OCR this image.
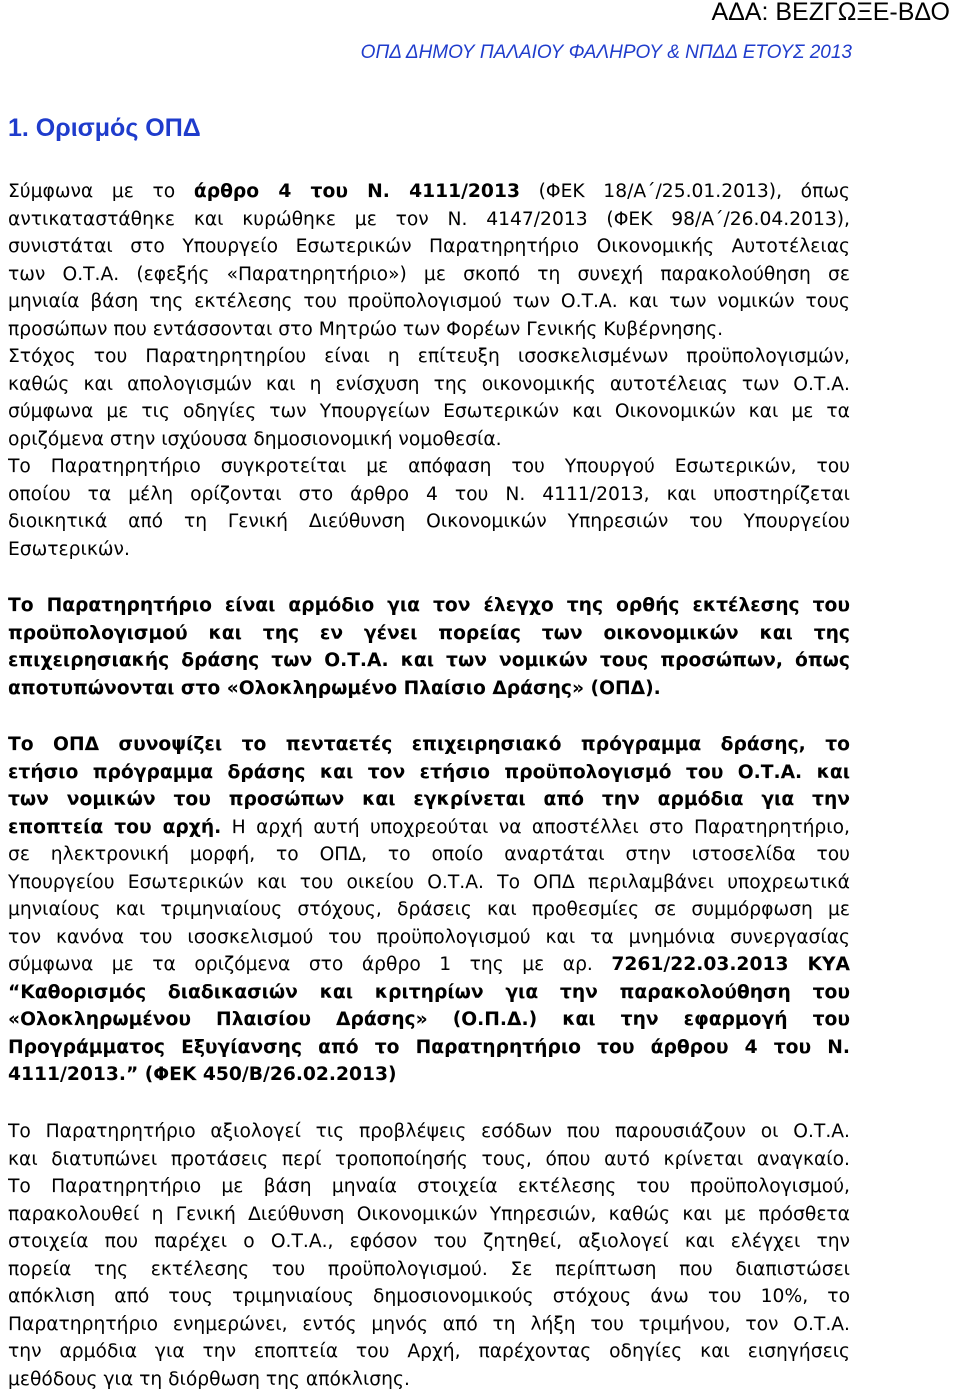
ΑΔΑ: ΒΕΖΓΩΞΕ-ΒΔΟ
ΟΠΔ ΔΗΜΟΥ ΠΑΛΑΙΟΥ ΦΑΛΗΡΟΥ & ΝΠΔΔ ΕΤΟΥΣ 2013
1. Ορισμός ΟΠΔ
Σύμφωνα με το άρθρο 4 του Ν. 4111/2013 (ΦΕΚ 18/Α΄/25.01.2013), όπως
αντικαταστάθηκε και κυρώθηκε με τον Ν. 4147/2013 (ΦΕΚ 98/Α΄/26.04.2013),
συνιστάται στο Υπουργείο Εσωτερικών Παρατηρητήριο Οικονομικής Αυτοτέλειας
των Ο.Τ.Α. (εφεξής «Παρατηρητήριο») με σκοπό τη συνεχή παρακολούθηση σε
μηνιαία βάση της εκτέλεσης του προϋπολογισμού των Ο.Τ.Α. και των νομικών τους
προσώπων που εντάσσονται στο Μητρώο των Φορέων Γενικής Κυβέρνησης.
Στόχος του Παρατηρητηρίου είναι η επίτευξη ισοσκελισμένων προϋπολογισμών,
καθώς και απολογισμών και η ενίσχυση της οικονομικής αυτοτέλειας των Ο.Τ.Α.
σύμφωνα με τις οδηγίες των Υπουργείων Εσωτερικών και Οικονομικών και με τα
οριζόμενα στην ισχύουσα δημοσιονομική νομοθεσία.
Το Παρατηρητήριο συγκροτείται με απόφαση του Υπουργού Εσωτερικών, του
οποίου τα μέλη ορίζονται στο άρθρο 4 του Ν. 4111/2013, και υποστηρίζεται
διοικητικά από τη Γενική Διεύθυνση Οικονομικών Υπηρεσιών του Υπουργείου
Εσωτερικών.
Το Παρατηρητήριο είναι αρμόδιο για τον έλεγχο της ορθής εκτέλεσης του
προϋπολογισμού και της εν γένει πορείας των οικονομικών και της
επιχειρησιακής δράσης των Ο.Τ.Α. και των νομικών τους προσώπων, όπως
αποτυπώνονται στο «Ολοκληρωμένο Πλαίσιο Δράσης» (ΟΠΔ).
Το ΟΠΔ συνοψίζει το πενταετές επιχειρησιακό πρόγραμμα δράσης, το
ετήσιο πρόγραμμα δράσης και τον ετήσιο προϋπολογισμό του Ο.Τ.Α. και
των νομικών του προσώπων και εγκρίνεται από την αρμόδια για την
εποπτεία του αρχή. Η αρχή αυτή υποχρεούται να αποστέλλει στο Παρατηρητήριο,
σε ηλεκτρονική μορφή, το ΟΠΔ, το οποίο αναρτάται στην ιστοσελίδα του
Υπουργείου Εσωτερικών και του οικείου Ο.Τ.Α. Το ΟΠΔ περιλαμβάνει υποχρεωτικά
μηνιαίους και τριμηνιαίους στόχους, δράσεις και προθεσμίες σε συμμόρφωση με
τον κανόνα του ισοσκελισμού του προϋπολογισμού και τα μνημόνια συνεργασίας
σύμφωνα με τα οριζόμενα στο άρθρο 1 της με αρ. 7261/22.03.2013 ΚΥΑ
“Καθορισμός διαδικασιών και κριτηρίων για την παρακολούθηση του
«Ολοκληρωμένου Πλαισίου Δράσης» (Ο.Π.Δ.) και την εφαρμογή του
Προγράμματος Εξυγίανσης από το Παρατηρητήριο του άρθρου 4 του Ν.
4111/2013.” (ΦΕΚ 450/Β/26.02.2013)
Το Παρατηρητήριο αξιολογεί τις προβλέψεις εσόδων που παρουσιάζουν οι Ο.Τ.Α.
και διατυπώνει προτάσεις περί τροποποίησής τους, όπου αυτό κρίνεται αναγκαίο.
Το Παρατηρητήριο με βάση μηναία στοιχεία εκτέλεσης του προϋπολογισμού,
παρακολουθεί η Γενική Διεύθυνση Οικονομικών Υπηρεσιών, καθώς και με πρόσθετα
στοιχεία που παρέχει ο Ο.Τ.Α., εφόσον του ζητηθεί, αξιολογεί και ελέγχει την
πορεία της εκτέλεσης του προϋπολογισμού. Σε περίπτωση που διαπιστώσει
απόκλιση από τους τριμηνιαίους δημοσιονομικούς στόχους άνω του 10%, το
Παρατηρητήριο ενημερώνει, εντός μηνός από τη λήξη του τριμήνου, τον Ο.Τ.Α.
την αρμόδια για την εποπτεία του Αρχή, παρέχοντας οδηγίες και εισηγήσεις
μεθόδους για τη διόρθωση της απόκλισης.
